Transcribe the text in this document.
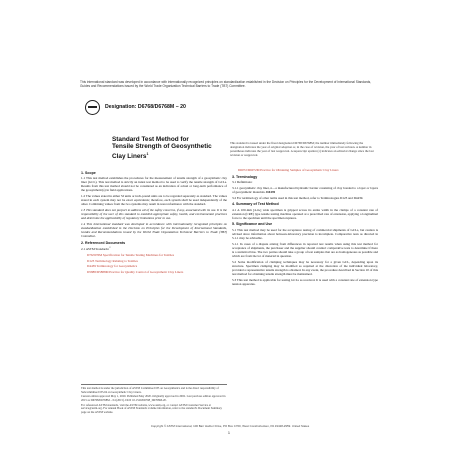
This international standard was developed in accordance with internationally recognized principles on standardization established in the Decision on Principles for the Development of International Standards, Guides and Recommendations issued by the World Trade Organization Technical Barriers to Trade (TBT) Committee.
Designation: D6768/D6768M − 20
Standard Test Method for
Tensile Strength of Geosynthetic Clay Liners$^1$
This standard is issued under the fixed designation D6768/D6768M; the number immediately following the designation indicates the year of original adoption or, in the case of revision, the year of last revision. A number in parentheses indicates the year of last reapproval. A superscript epsilon (ε) indicates an editorial change since the last revision or reapproval.
1. Scope

1.1 This test method establishes the procedures for the measurement of tensile strength of a geosynthetic clay liner (GCL). This test method is strictly an index test method to be used to verify the tensile strength of GCLs. Results from this test method should not be considered as an indication of actual or long-term performance of the geosynthetic(s) in field applications.

1.2 The values stated in either SI units or inch-pound units are to be regarded separately as standard. The values stated in each system may not be exact equivalents; therefore, each system shall be used independently of the other. Combining values from the two systems may result in nonconformance with the standard.

1.3 This standard does not purport to address all of the safety concerns, if any, associated with its use. It is the responsibility of the user of this standard to establish appropriate safety, health, and environmental practices and determine the applicability of regulatory limitations prior to use.

1.4 This international standard was developed in accordance with internationally recognized principles on standardization established in the Decision on Principles for the Development of International Standards, Guides and Recommendations issued by the World Trade Organization Technical Barriers to Trade (TBT) Committee.

2. Referenced Documents

2.1 ASTM Standards:$^2$

D76/D76M Specification for Tensile Testing Machines for Textiles

D123 Terminology Relating to Textiles

D4439 Terminology for Geosynthetics

D5888/D5888M Practice for Quality Control of Geosynthetic Clay Liners

This test method is under the jurisdiction of ASTM Committee D35 on Geosynthetics and is the direct responsibility of Subcommittee D35.04 on Geosynthetic Clay Liners.

Current edition approved May 1, 2020. Published May 2020. Originally approved in 2002. Last previous edition approved in 2015 as D6768/D6768M – 04 (2015). DOI: 10.1520/D6768_D6768M-20.

For referenced ASTM standards, visit the ASTM website, www.astm.org, or contact ASTM Customer Service at service@astm.org. For Annual Book of ASTM Standards volume information, refer to the standard's Document Summary page on the ASTM website.

D6072/D6072M Practice for Obtaining Samples of Geosynthetic Clay Liners

3. Terminology

3.1 Definitions:

3.1.1 geosynthetic clay liner, n—a manufactured hydraulic barrier consisting of clay bonded to a layer or layers of geosynthetic materials. D4439

3.2 For terminology of other terms used in this test method, refer to Terminologies D123 and D4439.

4. Summary of Test Method

4.1 A 100-mm [4-in.] wide specimen is gripped across its entire width in the clamps of a constant rate of extension (CRE) type tensile testing machine operated at a prescribed rate of extension, applying a longitudinal force to the specimen until the specimen ruptures.

5. Significance and Use

5.1 This test method may be used for the acceptance testing of commercial shipments of GCLs, but caution is advised since information about between-laboratory precision is incomplete. Comparative tests as directed in 5.1.1 may be advisable.

5.1.1 In cases of a dispute arising from differences in reported test results when using this test method for acceptance of shipments, the purchaser and the supplier should conduct comparative tests to determine if there is a statistical bias. The two parties should take a group of test samples that are as homogeneous as possible and which are from the lot of material in question.

5.2 Some modification of clamping techniques may be necessary for a given GCL, depending upon its structure. Specimen clamping may be modified as required at the discretion of the individual laboratory, provided a representative tensile strength is obtained. In any event, the procedure described in Section 10 of this test method for obtaining tensile strength must be maintained.

5.3 This test method is applicable for testing GCLs as received. It is used with a constant rate of extension type tension apparatus.

Copyright © ASTM International, 100 Barr Harbor Drive, PO Box C700, West Conshohocken, PA 19428-2959. United States
1
